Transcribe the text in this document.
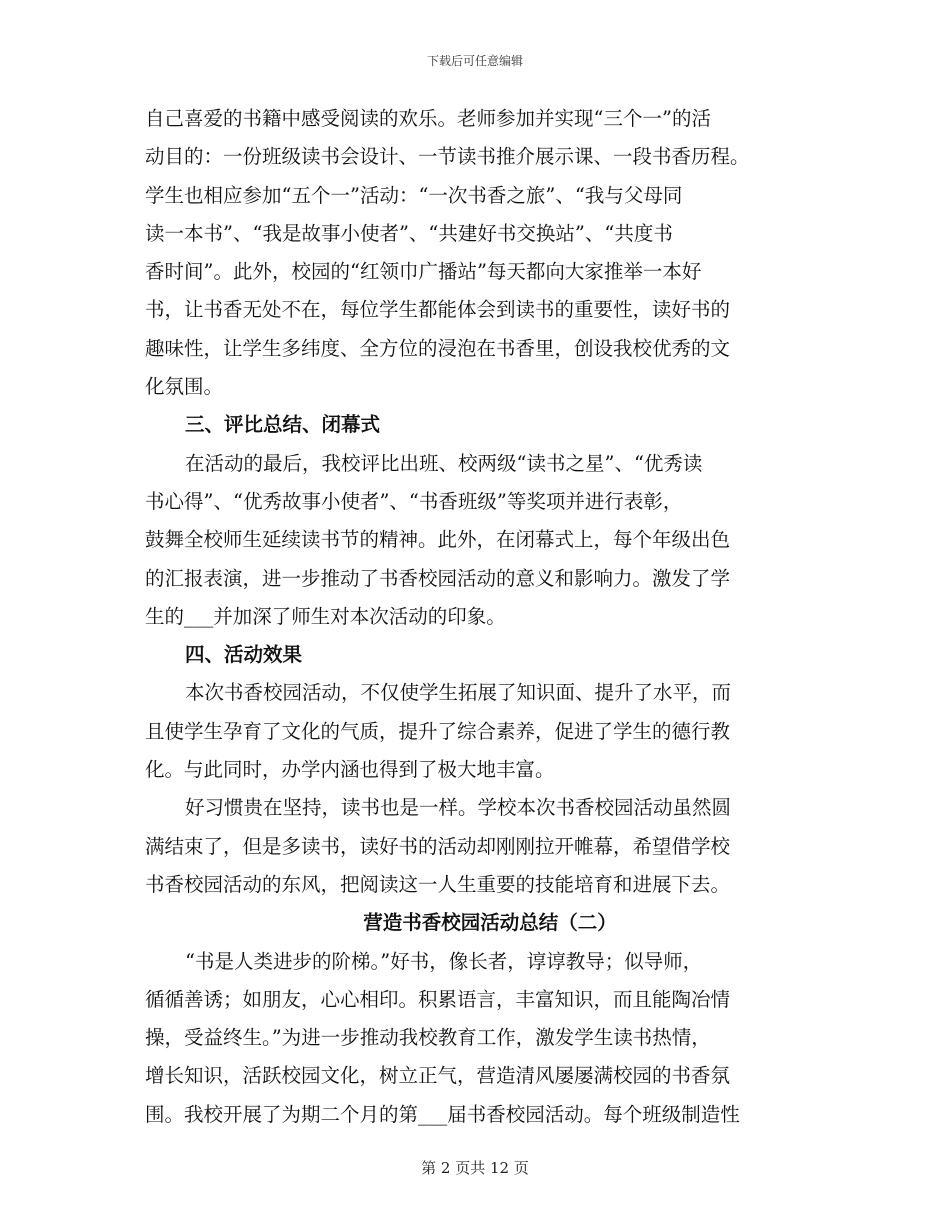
下载后可任意编辑
自己喜爱的书籍中感受阅读的欢乐。老师参加并实现“三个一”的活
动目的：一份班级读书会设计、一节读书推介展示课、一段书香历程。
学生也相应参加“五个一”活动：“一次书香之旅”、“我与父母同
读一本书”、“我是故事小使者”、“共建好书交换站”、“共度书
香时间”。此外，校园的“红领巾广播站”每天都向大家推举一本好
书，让书香无处不在，每位学生都能体会到读书的重要性，读好书的
趣味性，让学生多纬度、全方位的浸泡在书香里，创设我校优秀的文
化氛围。
三、评比总结、闭幕式
在活动的最后，我校评比出班、校两级“读书之星”、“优秀读
书心得”、“优秀故事小使者”、“书香班级”等奖项并进行表彰，
鼓舞全校师生延续读书节的精神。此外，在闭幕式上，每个年级出色
的汇报表演，进一步推动了书香校园活动的意义和影响力。激发了学
生的___并加深了师生对本次活动的印象。
四、活动效果
本次书香校园活动，不仅使学生拓展了知识面、提升了水平，而
且使学生孕育了文化的气质，提升了综合素养，促进了学生的德行教
化。与此同时，办学内涵也得到了极大地丰富。
好习惯贵在坚持，读书也是一样。学校本次书香校园活动虽然圆
满结束了，但是多读书，读好书的活动却刚刚拉开帷幕，希望借学校
书香校园活动的东风，把阅读这一人生重要的技能培育和进展下去。
营造书香校园活动总结（二）
“书是人类进步的阶梯。”好书，像长者，谆谆教导；似导师，
循循善诱；如朋友，心心相印。积累语言，丰富知识，而且能陶冶情
操，受益终生。”为进一步推动我校教育工作，激发学生读书热情，
增长知识，活跃校园文化，树立正气，营造清风屡屡满校园的书香氛
围。我校开展了为期二个月的第___届书香校园活动。每个班级制造性
第 2 页共 12 页
